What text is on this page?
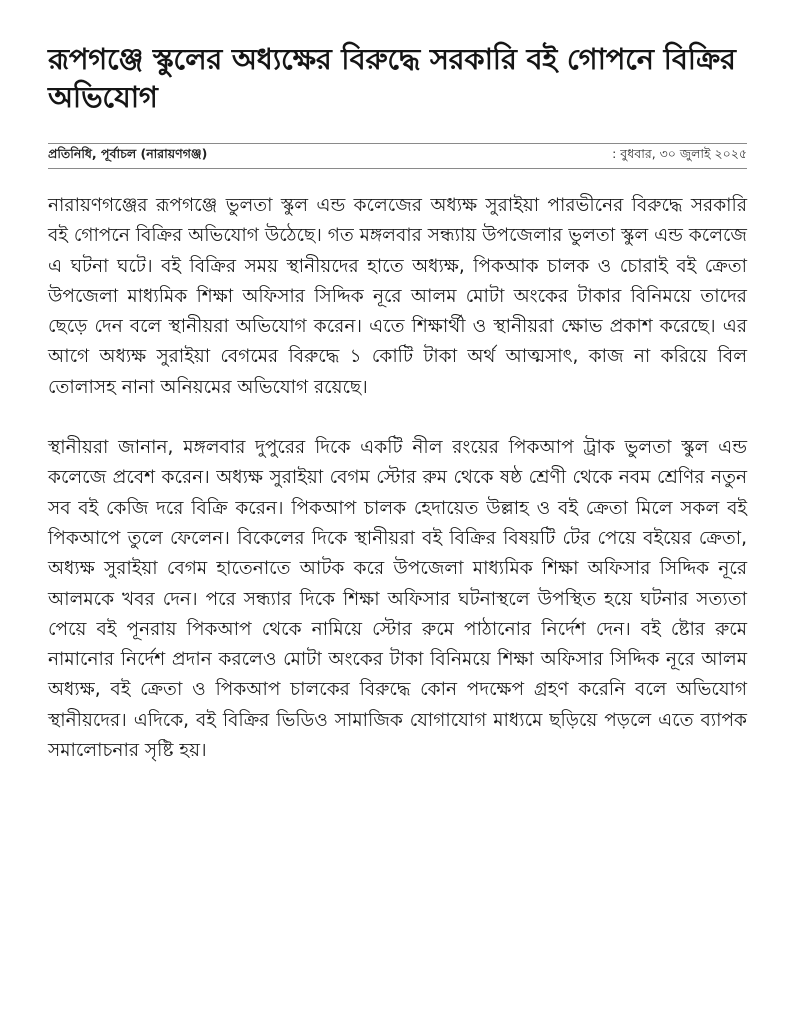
রূপগঞ্জে স্কুলের অধ্যক্ষের বিরুদ্ধে সরকারি বই গোপনে বিক্রির অভিযোগ
প্রতিনিধি, পূর্বাচল (নারায়ণগঞ্জ)	: বুধবার, ৩০ জুলাই ২০২৫

নারায়ণগঞ্জের রূপগঞ্জে ভুলতা স্কুল এন্ড কলেজের অধ্যক্ষ সুরাইয়া পারভীনের বিরুদ্ধে সরকারি বই গোপনে বিক্রির অভিযোগ উঠেছে। গত মঙ্গলবার সন্ধ্যায় উপজেলার ভুলতা স্কুল এন্ড কলেজে এ ঘটনা ঘটে। বই বিক্রির সময় স্থানীয়দের হাতে অধ্যক্ষ, পিকআক চালক ও চোরাই বই ক্রেতা উপজেলা মাধ্যমিক শিক্ষা অফিসার সিদ্দিক নূরে আলম মোটা অংকের টাকার বিনিময়ে তাদের ছেড়ে দেন বলে স্থানীয়রা অভিযোগ করেন। এতে শিক্ষার্থী ও স্থানীয়রা ক্ষোভ প্রকাশ করেছে। এর আগে অধ্যক্ষ সুরাইয়া বেগমের বিরুদ্ধে ১ কোটি টাকা অর্থ আত্মসাৎ, কাজ না করিয়ে বিল তোলাসহ নানা অনিয়মের অভিযোগ রয়েছে।

স্থানীয়রা জানান, মঙ্গলবার দুপুরের দিকে একটি নীল রংয়ের পিকআপ ট্রাক ভুলতা স্কুল এন্ড কলেজে প্রবেশ করেন। অধ্যক্ষ সুরাইয়া বেগম স্টোর রুম থেকে ষষ্ঠ শ্রেণী থেকে নবম শ্রেণির নতুন সব বই কেজি দরে বিক্রি করেন। পিকআপ চালক হেদায়েত উল্লাহ ও বই ক্রেতা মিলে সকল বই পিকআপে তুলে ফেলেন। বিকেলের দিকে স্থানীয়রা বই বিক্রির বিষয়টি টের পেয়ে বইয়ের ক্রেতা, অধ্যক্ষ সুরাইয়া বেগম হাতেনাতে আটক করে উপজেলা মাধ্যমিক শিক্ষা অফিসার সিদ্দিক নূরে আলমকে খবর দেন। পরে সন্ধ্যার দিকে শিক্ষা অফিসার ঘটনাস্থলে উপস্থিত হয়ে ঘটনার সত্যতা পেয়ে বই পূনরায় পিকআপ থেকে নামিয়ে স্টোর রুমে পাঠানোর নির্দেশ দেন। বই ষ্টোর রুমে নামানোর নির্দেশ প্রদান করলেও মোটা অংকের টাকা বিনিময়ে শিক্ষা অফিসার সিদ্দিক নূরে আলম অধ্যক্ষ, বই ক্রেতা ও পিকআপ চালকের বিরুদ্ধে কোন পদক্ষেপ গ্রহণ করেনি বলে অভিযোগ স্থানীয়দের। এদিকে, বই বিক্রির ভিডিও সামাজিক যোগাযোগ মাধ্যমে ছড়িয়ে পড়লে এতে ব্যাপক সমালোচনার সৃষ্টি হয়।
